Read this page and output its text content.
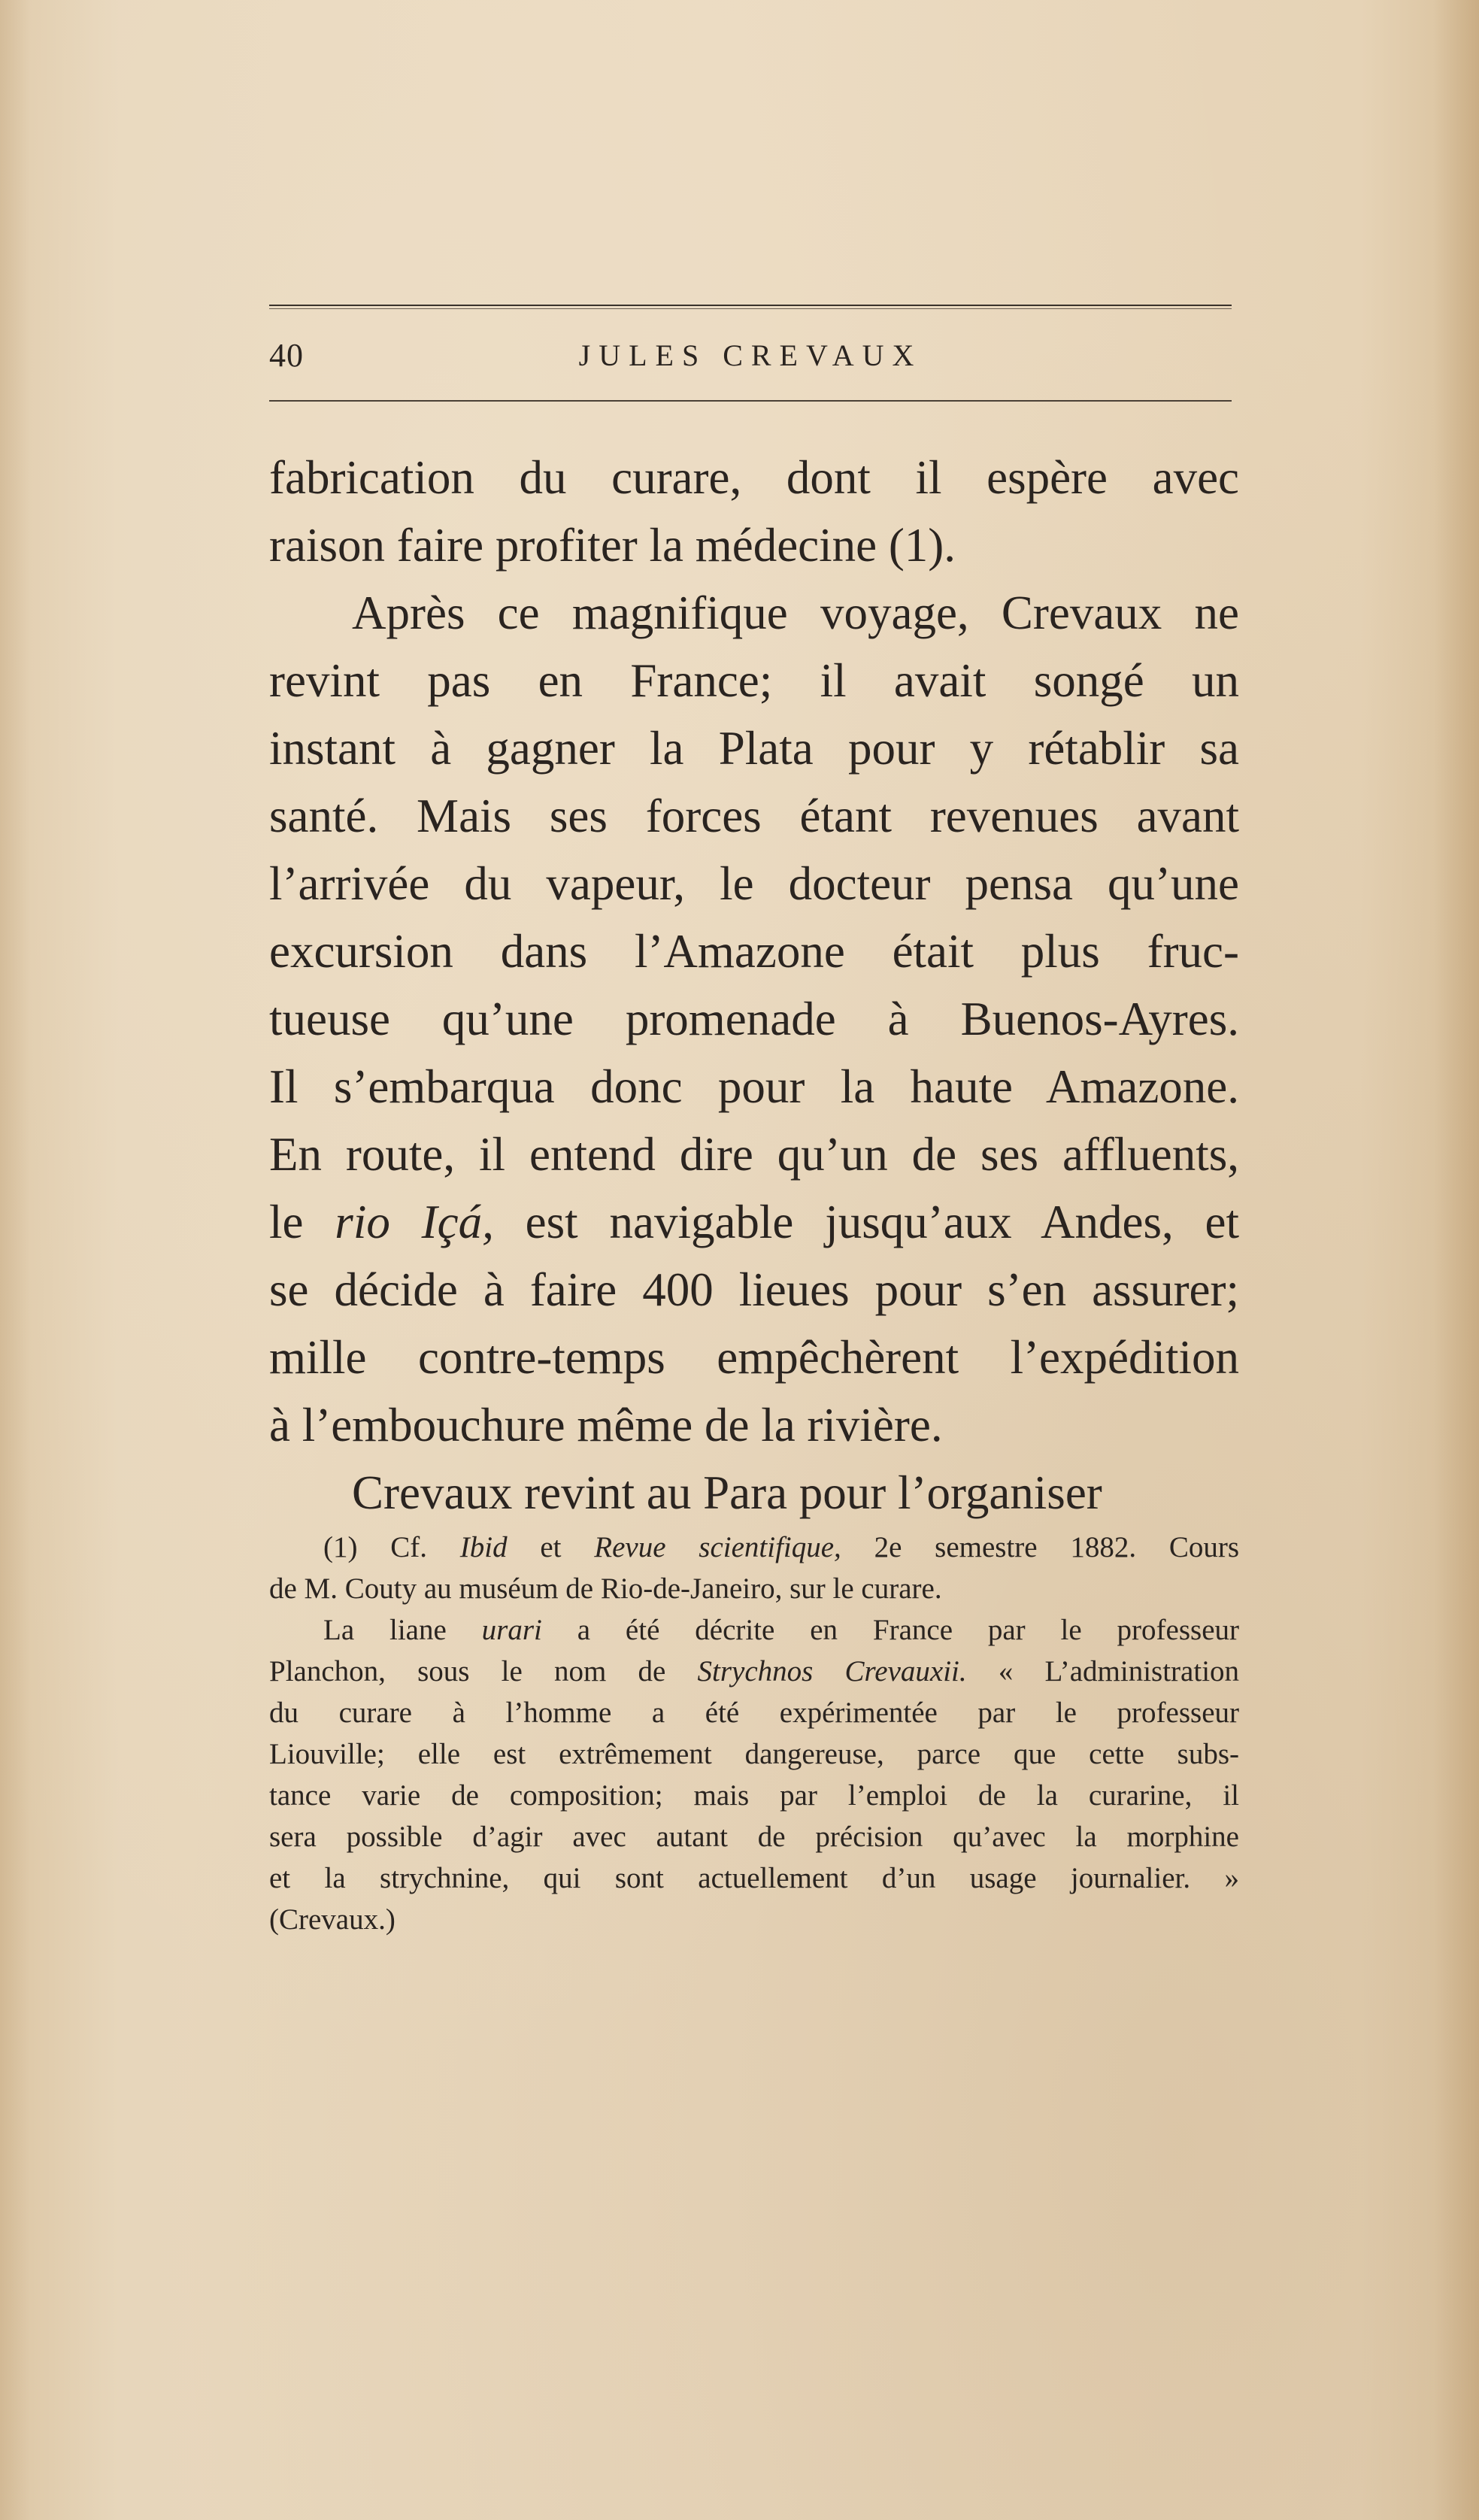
40	JULES CREVAUX
fabrication du curare, dont il espère avec
raison faire profiter la médecine (1).
Après ce magnifique voyage, Crevaux ne
revint pas en France; il avait songé un
instant à gagner la Plata pour y rétablir sa
santé. Mais ses forces étant revenues avant
l’arrivée du vapeur, le docteur pensa qu’une
excursion dans l’Amazone était plus fruc-
tueuse qu’une promenade à Buenos-Ayres.
Il s’embarqua donc pour la haute Amazone.
En route, il entend dire qu’un de ses affluents,
le rio Içá, est navigable jusqu’aux Andes, et
se décide à faire 400 lieues pour s’en assurer;
mille contre-temps empêchèrent l’expédition
à l’embouchure même de la rivière.
Crevaux revint au Para pour l’organiser
(1) Cf. Ibid et Revue scientifique, 2e semestre 1882. Cours
de M. Couty au muséum de Rio-de-Janeiro, sur le curare.
La liane urari a été décrite en France par le professeur
Planchon, sous le nom de Strychnos Crevauxii. « L’administration
du curare à l’homme a été expérimentée par le professeur
Liouville; elle est extrêmement dangereuse, parce que cette subs-
tance varie de composition; mais par l’emploi de la curarine, il
sera possible d’agir avec autant de précision qu’avec la morphine
et la strychnine, qui sont actuellement d’un usage journalier. »
(Crevaux.)
